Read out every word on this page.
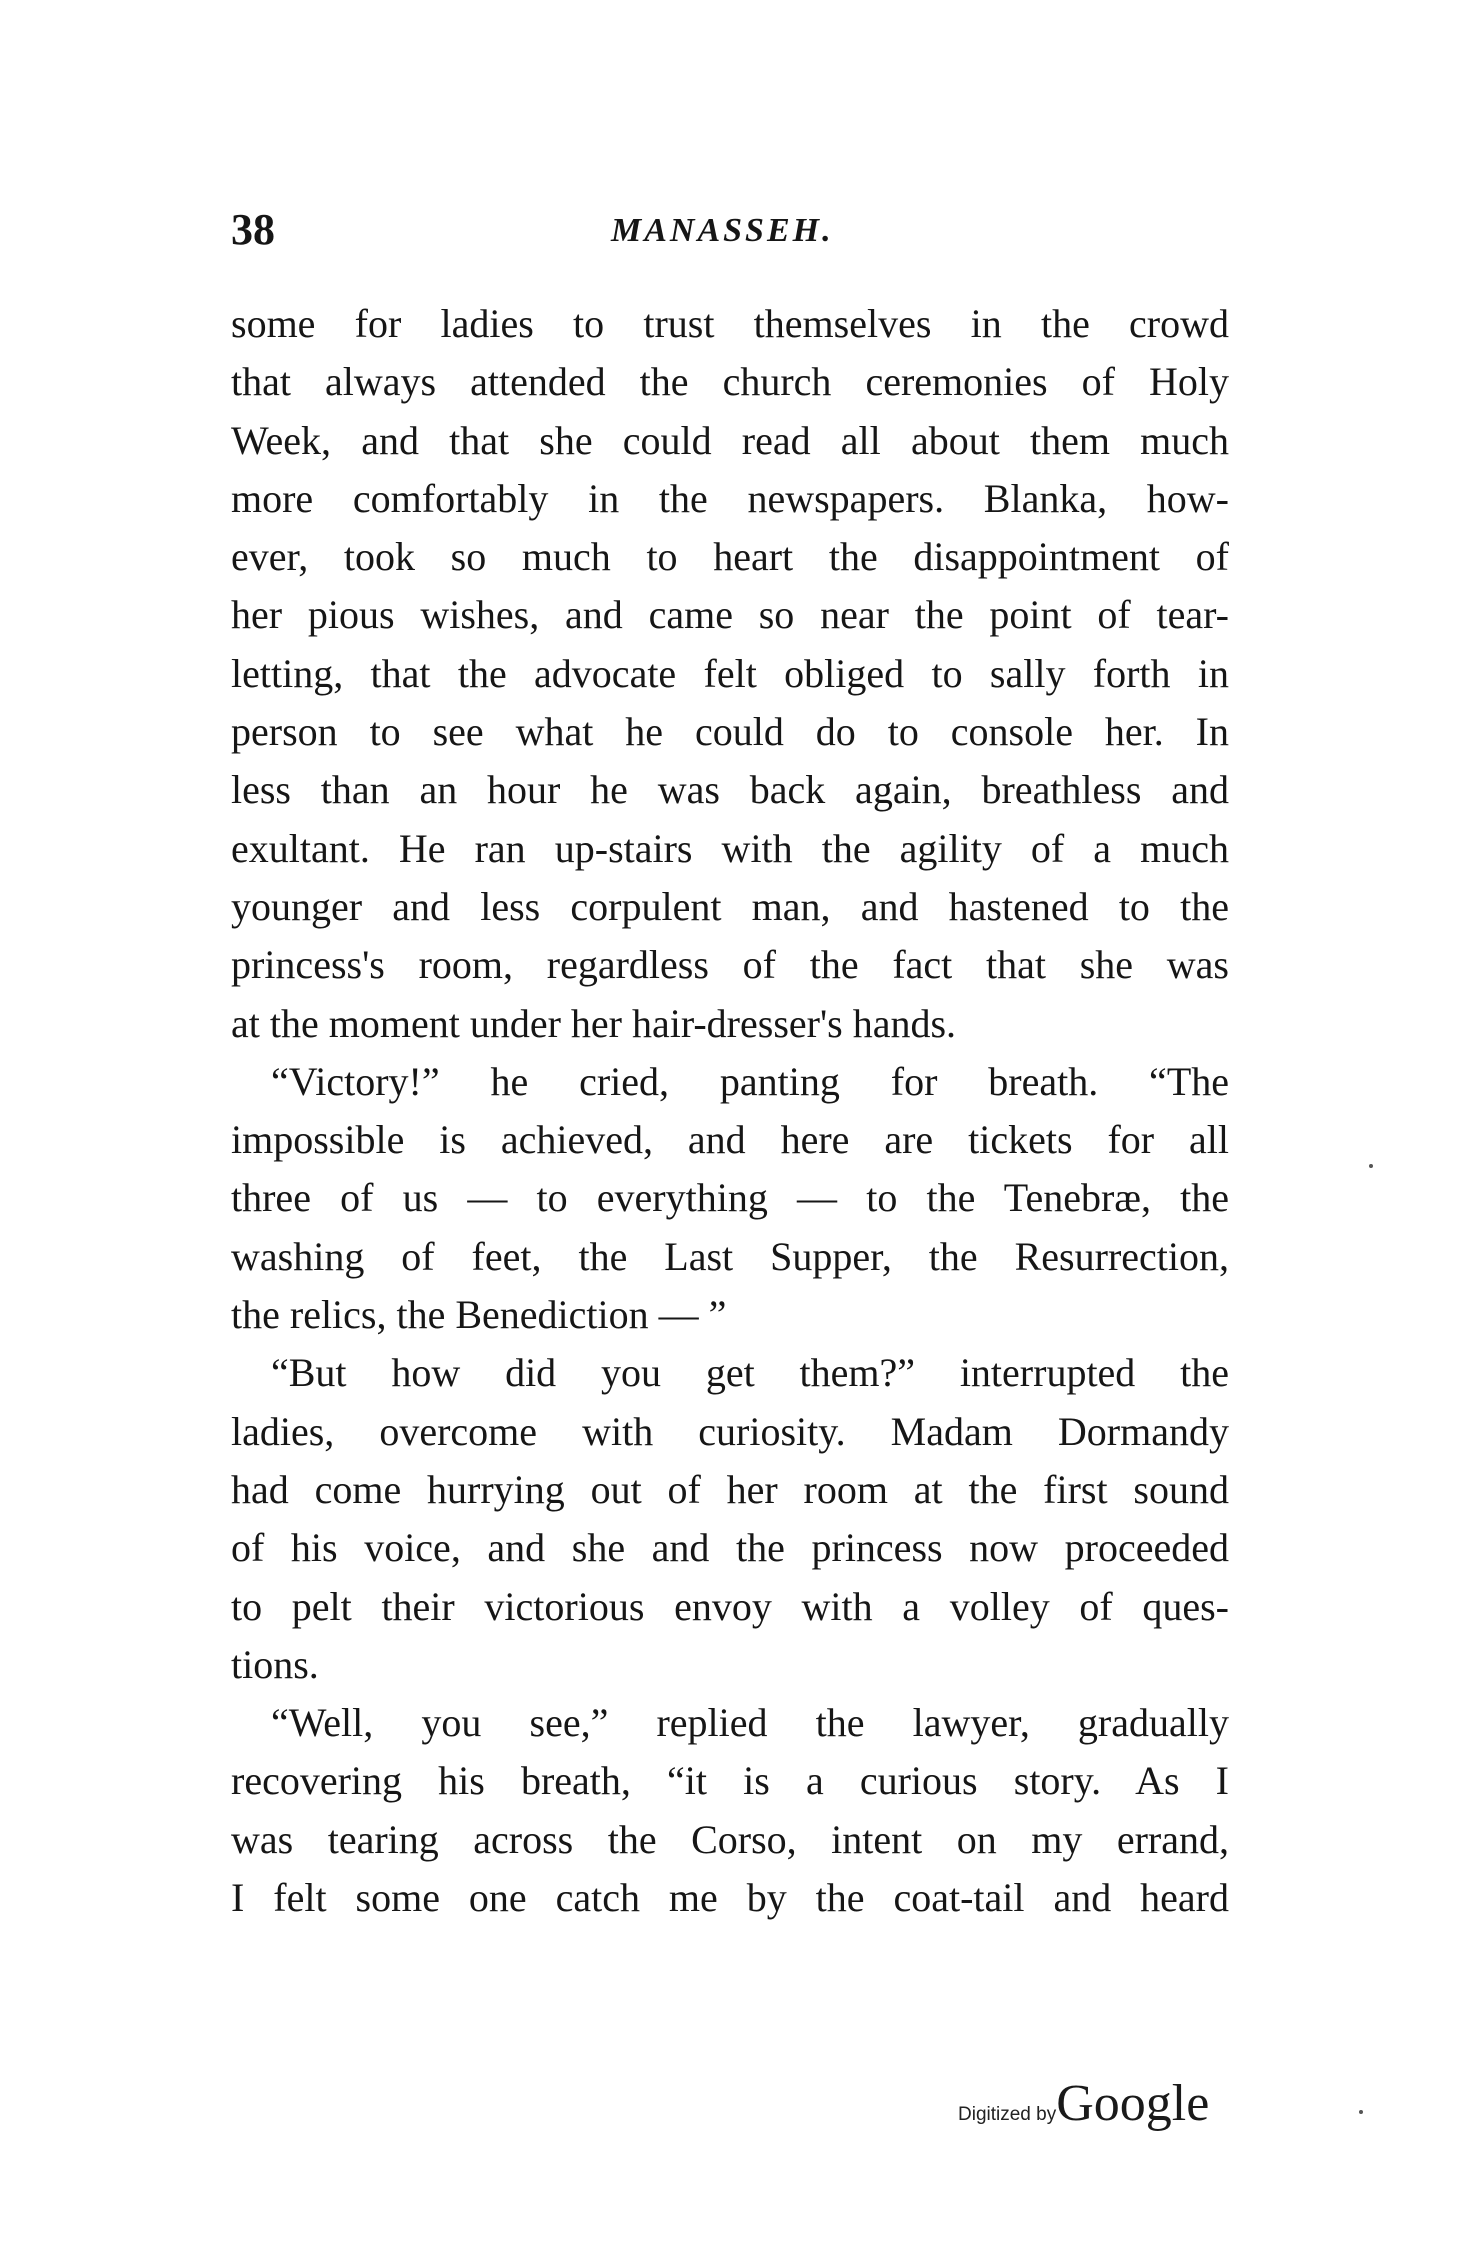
38	MANASSEH.
some for ladies to trust themselves in the crowd
that always attended the church ceremonies of Holy
Week, and that she could read all about them much
more comfortably in the newspapers. Blanka, how-
ever, took so much to heart the disappointment of
her pious wishes, and came so near the point of tear-
letting, that the advocate felt obliged to sally forth in
person to see what he could do to console her. In
less than an hour he was back again, breathless and
exultant. He ran up-stairs with the agility of a much
younger and less corpulent man, and hastened to the
princess's room, regardless of the fact that she was
at the moment under her hair-dresser's hands.
“Victory!” he cried, panting for breath. “The
impossible is achieved, and here are tickets for all
three of us — to everything — to the Tenebræ, the
washing of feet, the Last Supper, the Resurrection,
the relics, the Benediction — ”
“But how did you get them?” interrupted the
ladies, overcome with curiosity. Madam Dormandy
had come hurrying out of her room at the first sound
of his voice, and she and the princess now proceeded
to pelt their victorious envoy with a volley of ques-
tions.
“Well, you see,” replied the lawyer, gradually
recovering his breath, “it is a curious story. As I
was tearing across the Corso, intent on my errand,
I felt some one catch me by the coat-tail and heard
Digitized byGoogle
